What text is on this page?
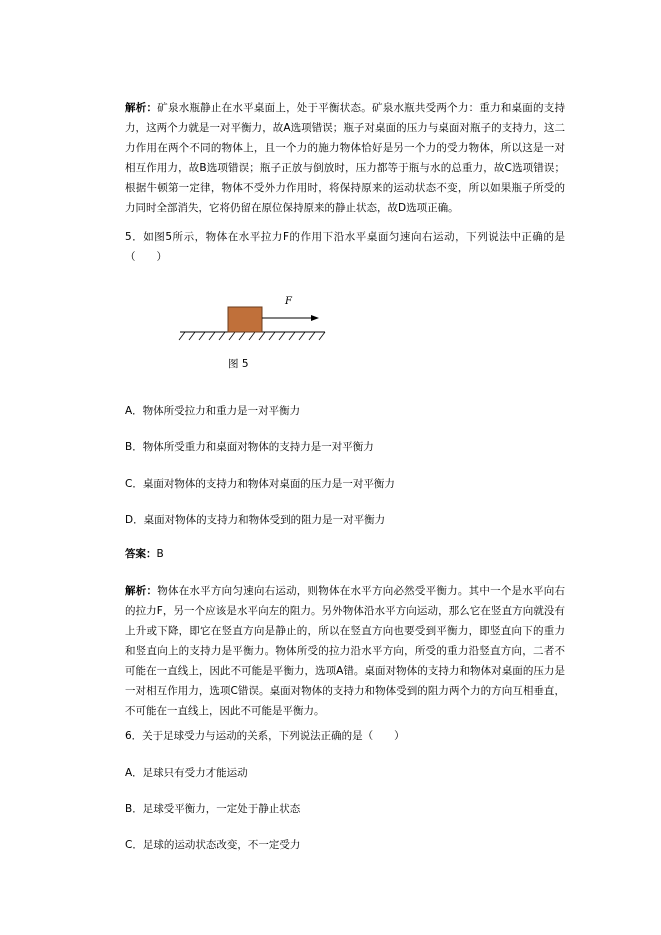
解析：矿泉水瓶静止在水平桌面上，处于平衡状态。矿泉水瓶共受两个力：重力和桌面的支持力，这两个力就是一对平衡力，故A选项错误；瓶子对桌面的压力与桌面对瓶子的支持力，这二力作用在两个不同的物体上，且一个力的施力物体恰好是另一个力的受力物体，所以这是一对相互作用力，故B选项错误；瓶子正放与倒放时，压力都等于瓶与水的总重力，故C选项错误；根据牛顿第一定律，物体不受外力作用时，将保持原来的运动状态不变，所以如果瓶子所受的力同时全部消失，它将仍留在原位保持原来的静止状态，故D选项正确。
5．如图5所示，物体在水平拉力F的作用下沿水平桌面匀速向右运动，下列说法中正确的是（　　）
F
图 5
A．物体所受拉力和重力是一对平衡力
B．物体所受重力和桌面对物体的支持力是一对平衡力
C．桌面对物体的支持力和物体对桌面的压力是一对平衡力
D．桌面对物体的支持力和物体受到的阻力是一对平衡力
答案：B
解析：物体在水平方向匀速向右运动，则物体在水平方向必然受平衡力。其中一个是水平向右的拉力F，另一个应该是水平向左的阻力。另外物体沿水平方向运动，那么它在竖直方向就没有上升或下降，即它在竖直方向是静止的，所以在竖直方向也要受到平衡力，即竖直向下的重力和竖直向上的支持力是平衡力。物体所受的拉力沿水平方向，所受的重力沿竖直方向，二者不可能在一直线上，因此不可能是平衡力，选项A错。桌面对物体的支持力和物体对桌面的压力是一对相互作用力，选项C错误。桌面对物体的支持力和物体受到的阻力两个力的方向互相垂直，不可能在一直线上，因此不可能是平衡力。
6．关于足球受力与运动的关系，下列说法正确的是（　　）
A．足球只有受力才能运动
B．足球受平衡力，一定处于静止状态
C．足球的运动状态改变，不一定受力
